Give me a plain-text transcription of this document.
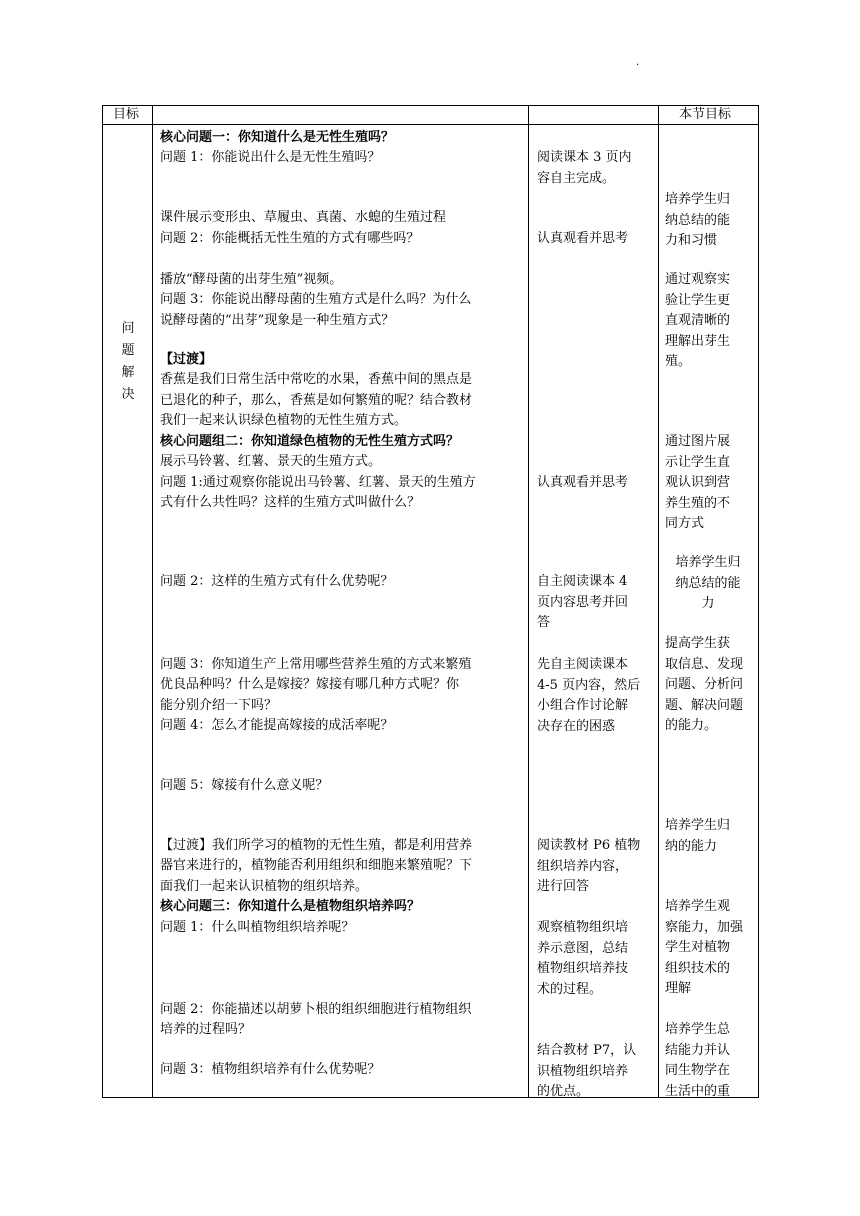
.
目标	本节目标
问
题
解
决
核心问题一：你知道什么是无性生殖吗？
问题 1：你能说出什么是无性生殖吗？
课件展示变形虫、草履虫、真菌、水螅的生殖过程
问题 2：你能概括无性生殖的方式有哪些吗？
播放“酵母菌的出芽生殖”视频。
问题 3：你能说出酵母菌的生殖方式是什么吗？为什么
说酵母菌的“出芽”现象是一种生殖方式？
【过渡】
香蕉是我们日常生活中常吃的水果，香蕉中间的黑点是
已退化的种子，那么，香蕉是如何繁殖的呢？结合教材
我们一起来认识绿色植物的无性生殖方式。
核心问题组二：你知道绿色植物的无性生殖方式吗？
展示马铃薯、红薯、景天的生殖方式。
问题 1:通过观察你能说出马铃薯、红薯、景天的生殖方
式有什么共性吗？这样的生殖方式叫做什么？
问题 2：这样的生殖方式有什么优势呢？
问题 3：你知道生产上常用哪些营养生殖的方式来繁殖
优良品种吗？什么是嫁接？嫁接有哪几种方式呢？你
能分别介绍一下吗？
问题 4：怎么才能提高嫁接的成活率呢？
问题 5：嫁接有什么意义呢？
【过渡】我们所学习的植物的无性生殖，都是利用营养
器官来进行的，植物能否利用组织和细胞来繁殖呢？下
面我们一起来认识植物的组织培养。
核心问题三：你知道什么是植物组织培养吗？
问题 1：什么叫植物组织培养呢？
问题 2：你能描述以胡萝卜根的组织细胞进行植物组织
培养的过程吗？
问题 3：植物组织培养有什么优势呢？
阅读课本 3 页内
容自主完成。
认真观看并思考
认真观看并思考
自主阅读课本 4
页内容思考并回
答
先自主阅读课本
4-5 页内容，然后
小组合作讨论解
决存在的困惑
阅读教材 P6 植物
组织培养内容，
进行回答
观察植物组织培
养示意图，总结
植物组织培养技
术的过程。
结合教材 P7，认
识植物组织培养
的优点。
培养学生归
纳总结的能
力和习惯
通过观察实
验让学生更
直观清晰的
理解出芽生
殖。
通过图片展
示让学生直
观认识到营
养生殖的不
同方式
培养学生归
纳总结的能
力
提高学生获
取信息、发现
问题、分析问
题、解决问题
的能力。
培养学生归
纳的能力
培养学生观
察能力，加强
学生对植物
组织技术的
理解
培养学生总
结能力并认
同生物学在
生活中的重
